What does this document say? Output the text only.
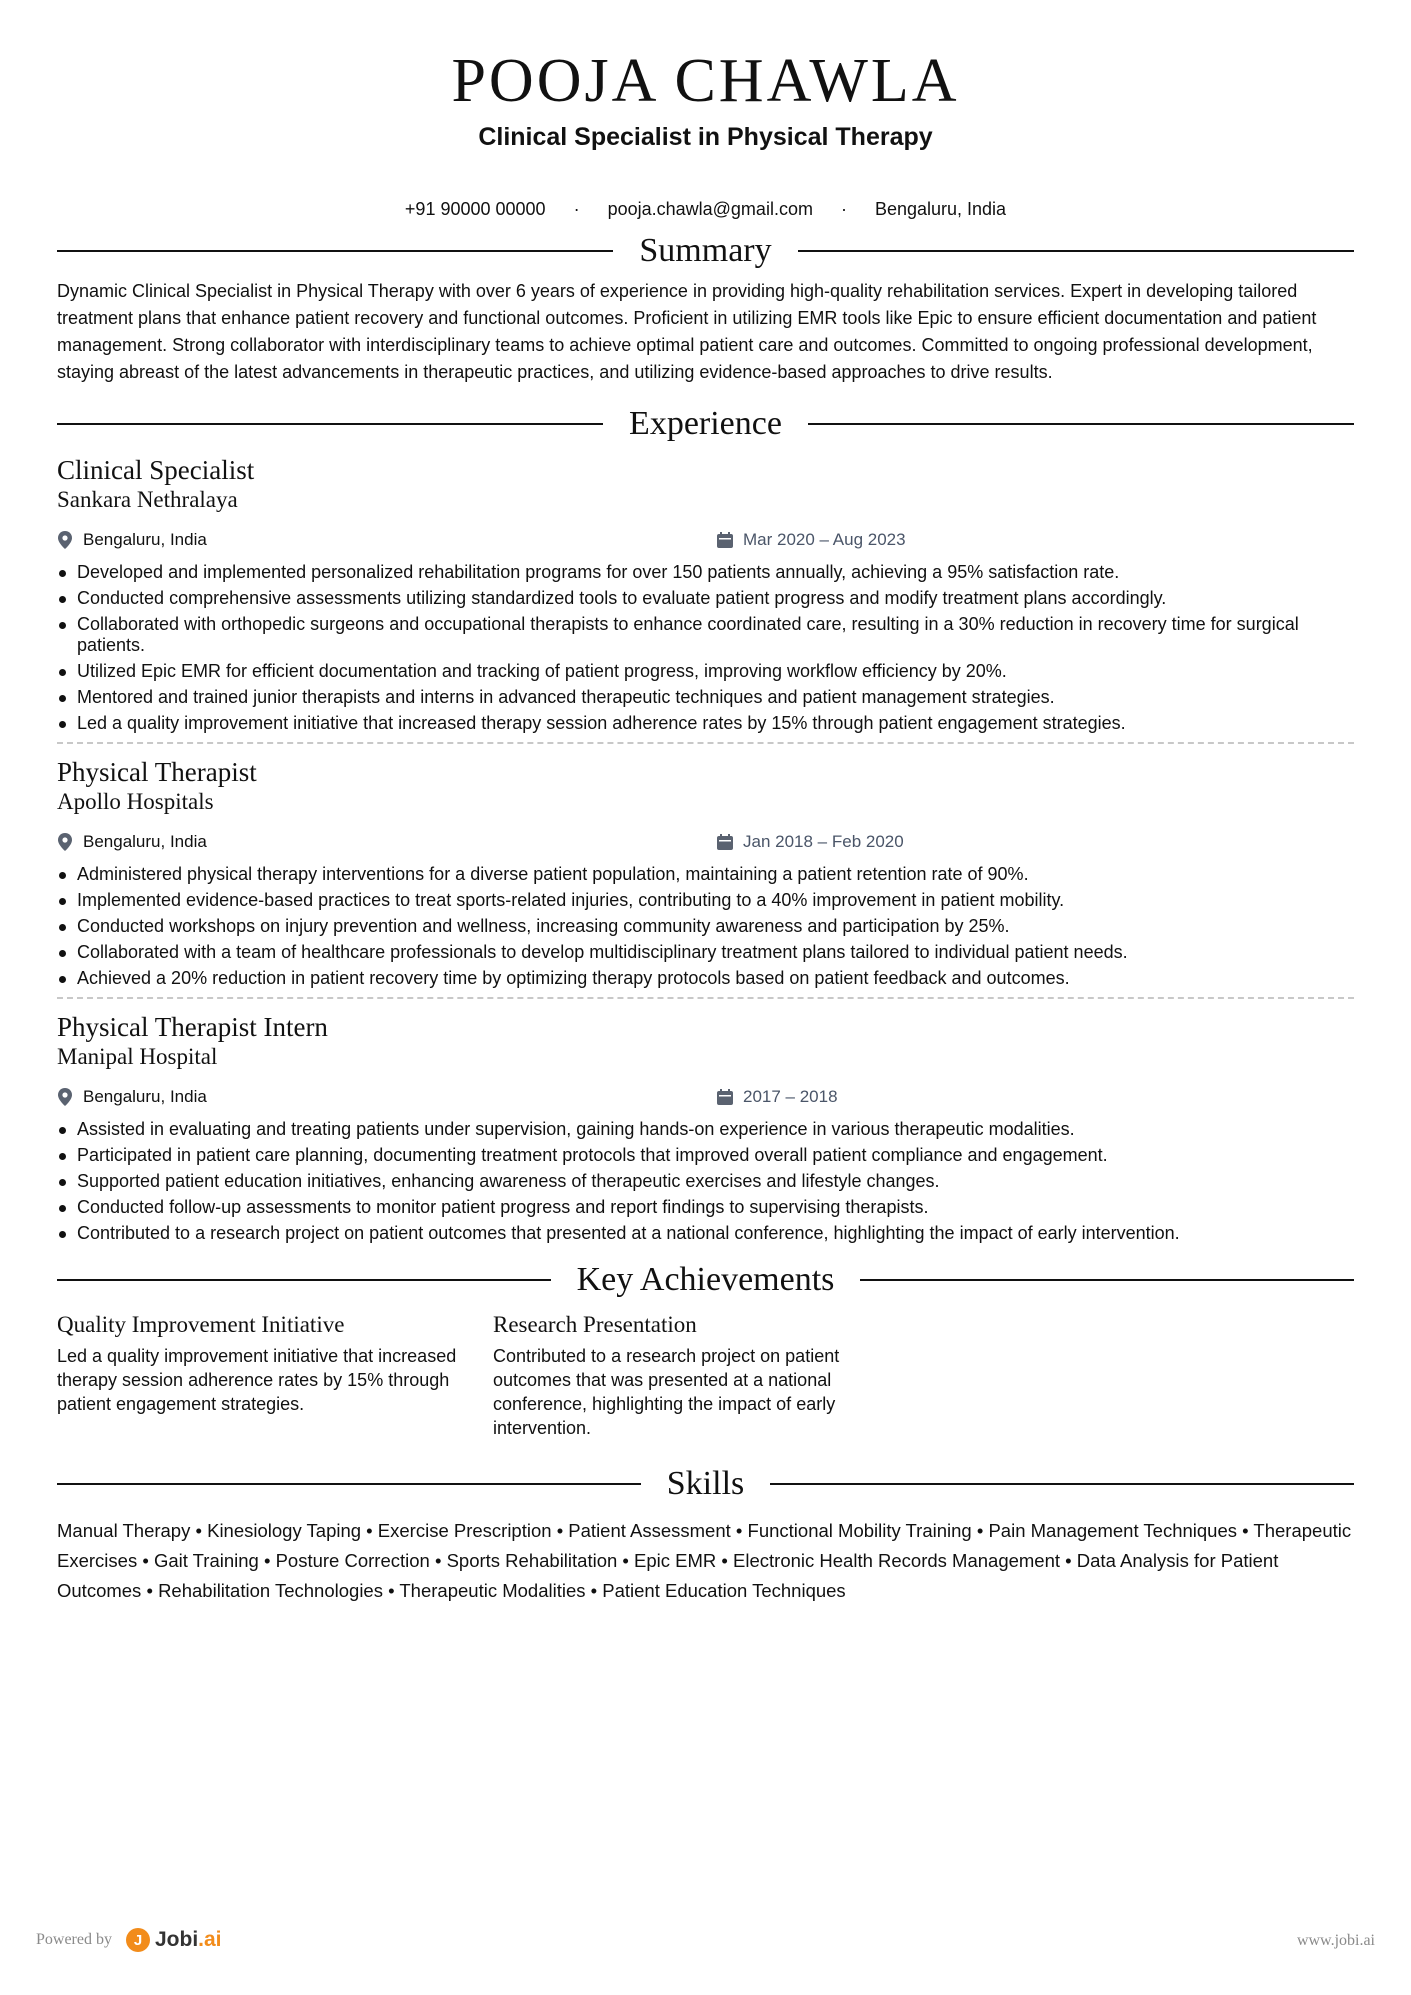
POOJA CHAWLA
Clinical Specialist in Physical Therapy
+91 90000 00000 · pooja.chawla@gmail.com · Bengaluru, India
Summary

Dynamic Clinical Specialist in Physical Therapy with over 6 years of experience in providing high-quality rehabilitation services. Expert in developing tailored treatment plans that enhance patient recovery and functional outcomes. Proficient in utilizing EMR tools like Epic to ensure efficient documentation and patient management. Strong collaborator with interdisciplinary teams to achieve optimal patient care and outcomes. Committed to ongoing professional development, staying abreast of the latest advancements in therapeutic practices, and utilizing evidence-based approaches to drive results.

Experience
Clinical Specialist
Sankara Nethralaya
Bengaluru, India	Mar 2020 – Aug 2023
Developed and implemented personalized rehabilitation programs for over 150 patients annually, achieving a 95% satisfaction rate.
Conducted comprehensive assessments utilizing standardized tools to evaluate patient progress and modify treatment plans accordingly.
Collaborated with orthopedic surgeons and occupational therapists to enhance coordinated care, resulting in a 30% reduction in recovery time for surgical patients.
Utilized Epic EMR for efficient documentation and tracking of patient progress, improving workflow efficiency by 20%.
Mentored and trained junior therapists and interns in advanced therapeutic techniques and patient management strategies.
Led a quality improvement initiative that increased therapy session adherence rates by 15% through patient engagement strategies.
Physical Therapist
Apollo Hospitals
Bengaluru, India	Jan 2018 – Feb 2020
Administered physical therapy interventions for a diverse patient population, maintaining a patient retention rate of 90%.
Implemented evidence-based practices to treat sports-related injuries, contributing to a 40% improvement in patient mobility.
Conducted workshops on injury prevention and wellness, increasing community awareness and participation by 25%.
Collaborated with a team of healthcare professionals to develop multidisciplinary treatment plans tailored to individual patient needs.
Achieved a 20% reduction in patient recovery time by optimizing therapy protocols based on patient feedback and outcomes.
Physical Therapist Intern
Manipal Hospital
Bengaluru, India	2017 – 2018
Assisted in evaluating and treating patients under supervision, gaining hands-on experience in various therapeutic modalities.
Participated in patient care planning, documenting treatment protocols that improved overall patient compliance and engagement.
Supported patient education initiatives, enhancing awareness of therapeutic exercises and lifestyle changes.
Conducted follow-up assessments to monitor patient progress and report findings to supervising therapists.
Contributed to a research project on patient outcomes that presented at a national conference, highlighting the impact of early intervention.
Key Achievements
Quality Improvement Initiative
Led a quality improvement initiative that increased therapy session adherence rates by 15% through patient engagement strategies.
Research Presentation
Contributed to a research project on patient outcomes that was presented at a national conference, highlighting the impact of early intervention.
Skills

Manual Therapy • Kinesiology Taping • Exercise Prescription • Patient Assessment • Functional Mobility Training • Pain Management Techniques • Therapeutic Exercises • Gait Training • Posture Correction • Sports Rehabilitation • Epic EMR • Electronic Health Records Management • Data Analysis for Patient Outcomes • Rehabilitation Technologies • Therapeutic Modalities • Patient Education Techniques

Powered by	J Jobi .ai	www.jobi.ai
